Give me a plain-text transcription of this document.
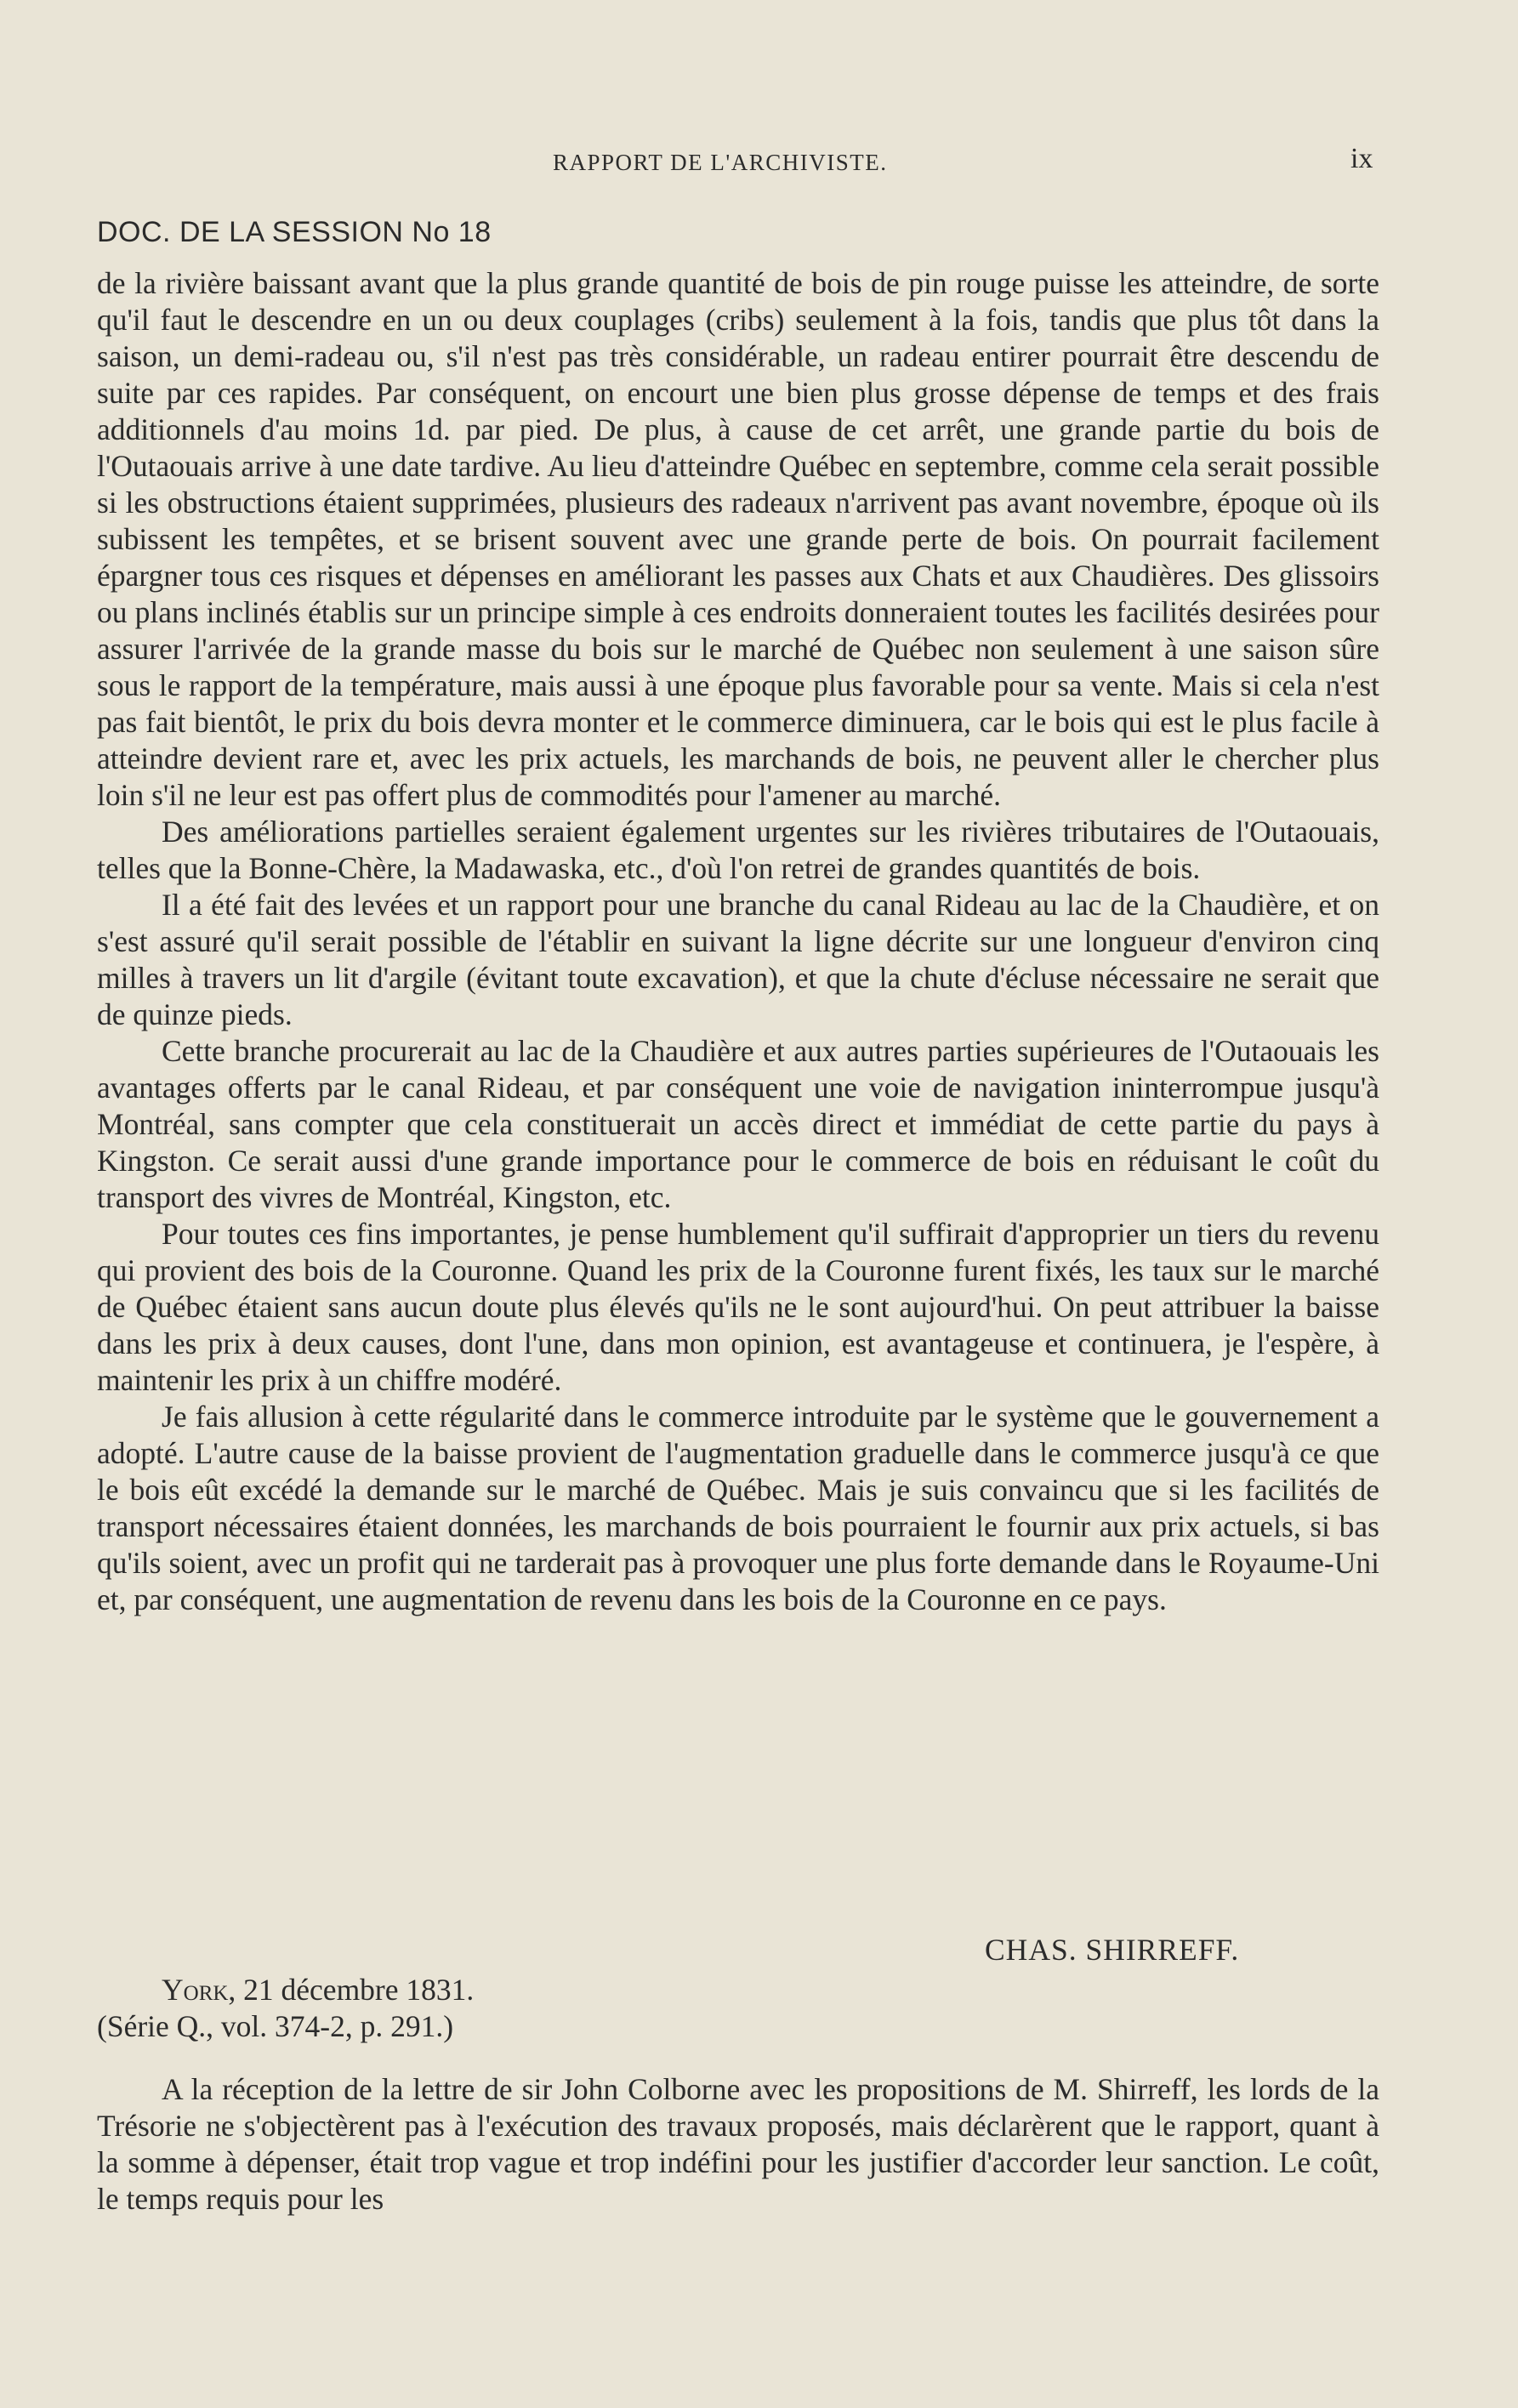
RAPPORT DE L'ARCHIVISTE.	ix
DOC. DE LA SESSION No 18

de la rivière baissant avant que la plus grande quantité de bois de pin rouge puisse les atteindre, de sorte qu'il faut le descendre en un ou deux couplages (cribs) seulement à la fois, tandis que plus tôt dans la saison, un demi-radeau ou, s'il n'est pas très considérable, un radeau entirer pourrait être descendu de suite par ces rapides. Par conséquent, on encourt une bien plus grosse dépense de temps et des frais additionnels d'au moins 1d. par pied. De plus, à cause de cet arrêt, une grande partie du bois de l'Outaouais arrive à une date tardive. Au lieu d'atteindre Québec en septembre, comme cela serait possible si les obstructions étaient supprimées, plusieurs des radeaux n'arrivent pas avant novembre, époque où ils subissent les tempêtes, et se brisent souvent avec une grande perte de bois. On pourrait facilement épargner tous ces risques et dépenses en améliorant les passes aux Chats et aux Chaudières. Des glissoirs ou plans inclinés établis sur un principe simple à ces endroits donneraient toutes les facilités desirées pour assurer l'arrivée de la grande masse du bois sur le marché de Québec non seulement à une saison sûre sous le rapport de la température, mais aussi à une époque plus favorable pour sa vente. Mais si cela n'est pas fait bientôt, le prix du bois devra monter et le commerce diminuera, car le bois qui est le plus facile à atteindre devient rare et, avec les prix actuels, les marchands de bois, ne peuvent aller le chercher plus loin s'il ne leur est pas offert plus de commodités pour l'amener au marché.

Des améliorations partielles seraient également urgentes sur les rivières tributaires de l'Outaouais, telles que la Bonne-Chère, la Madawaska, etc., d'où l'on retrei de grandes quantités de bois.

Il a été fait des levées et un rapport pour une branche du canal Rideau au lac de la Chaudière, et on s'est assuré qu'il serait possible de l'établir en suivant la ligne décrite sur une longueur d'environ cinq milles à travers un lit d'argile (évitant toute excavation), et que la chute d'écluse nécessaire ne serait que de quinze pieds.

Cette branche procurerait au lac de la Chaudière et aux autres parties supérieures de l'Outaouais les avantages offerts par le canal Rideau, et par conséquent une voie de navigation ininterrompue jusqu'à Montréal, sans compter que cela constituerait un accès direct et immédiat de cette partie du pays à Kingston. Ce serait aussi d'une grande importance pour le commerce de bois en réduisant le coût du transport des vivres de Montréal, Kingston, etc.

Pour toutes ces fins importantes, je pense humblement qu'il suffirait d'approprier un tiers du revenu qui provient des bois de la Couronne. Quand les prix de la Couronne furent fixés, les taux sur le marché de Québec étaient sans aucun doute plus élevés qu'ils ne le sont aujourd'hui. On peut attribuer la baisse dans les prix à deux causes, dont l'une, dans mon opinion, est avantageuse et continuera, je l'espère, à maintenir les prix à un chiffre modéré.

Je fais allusion à cette régularité dans le commerce introduite par le système que le gouvernement a adopté. L'autre cause de la baisse provient de l'augmentation graduelle dans le commerce jusqu'à ce que le bois eût excédé la demande sur le marché de Québec. Mais je suis convaincu que si les facilités de transport nécessaires étaient données, les marchands de bois pourraient le fournir aux prix actuels, si bas qu'ils soient, avec un profit qui ne tarderait pas à provoquer une plus forte demande dans le Royaume-Uni et, par conséquent, une augmentation de revenu dans les bois de la Couronne en ce pays.

CHAS. SHIRREFF.
York, 21 décembre 1831.
(Série Q., vol. 374-2, p. 291.)

A la réception de la lettre de sir John Colborne avec les propositions de M. Shirreff, les lords de la Trésorie ne s'objectèrent pas à l'exécution des travaux proposés, mais déclarèrent que le rapport, quant à la somme à dépenser, était trop vague et trop indéfini pour les justifier d'accorder leur sanction. Le coût, le temps requis pour les
